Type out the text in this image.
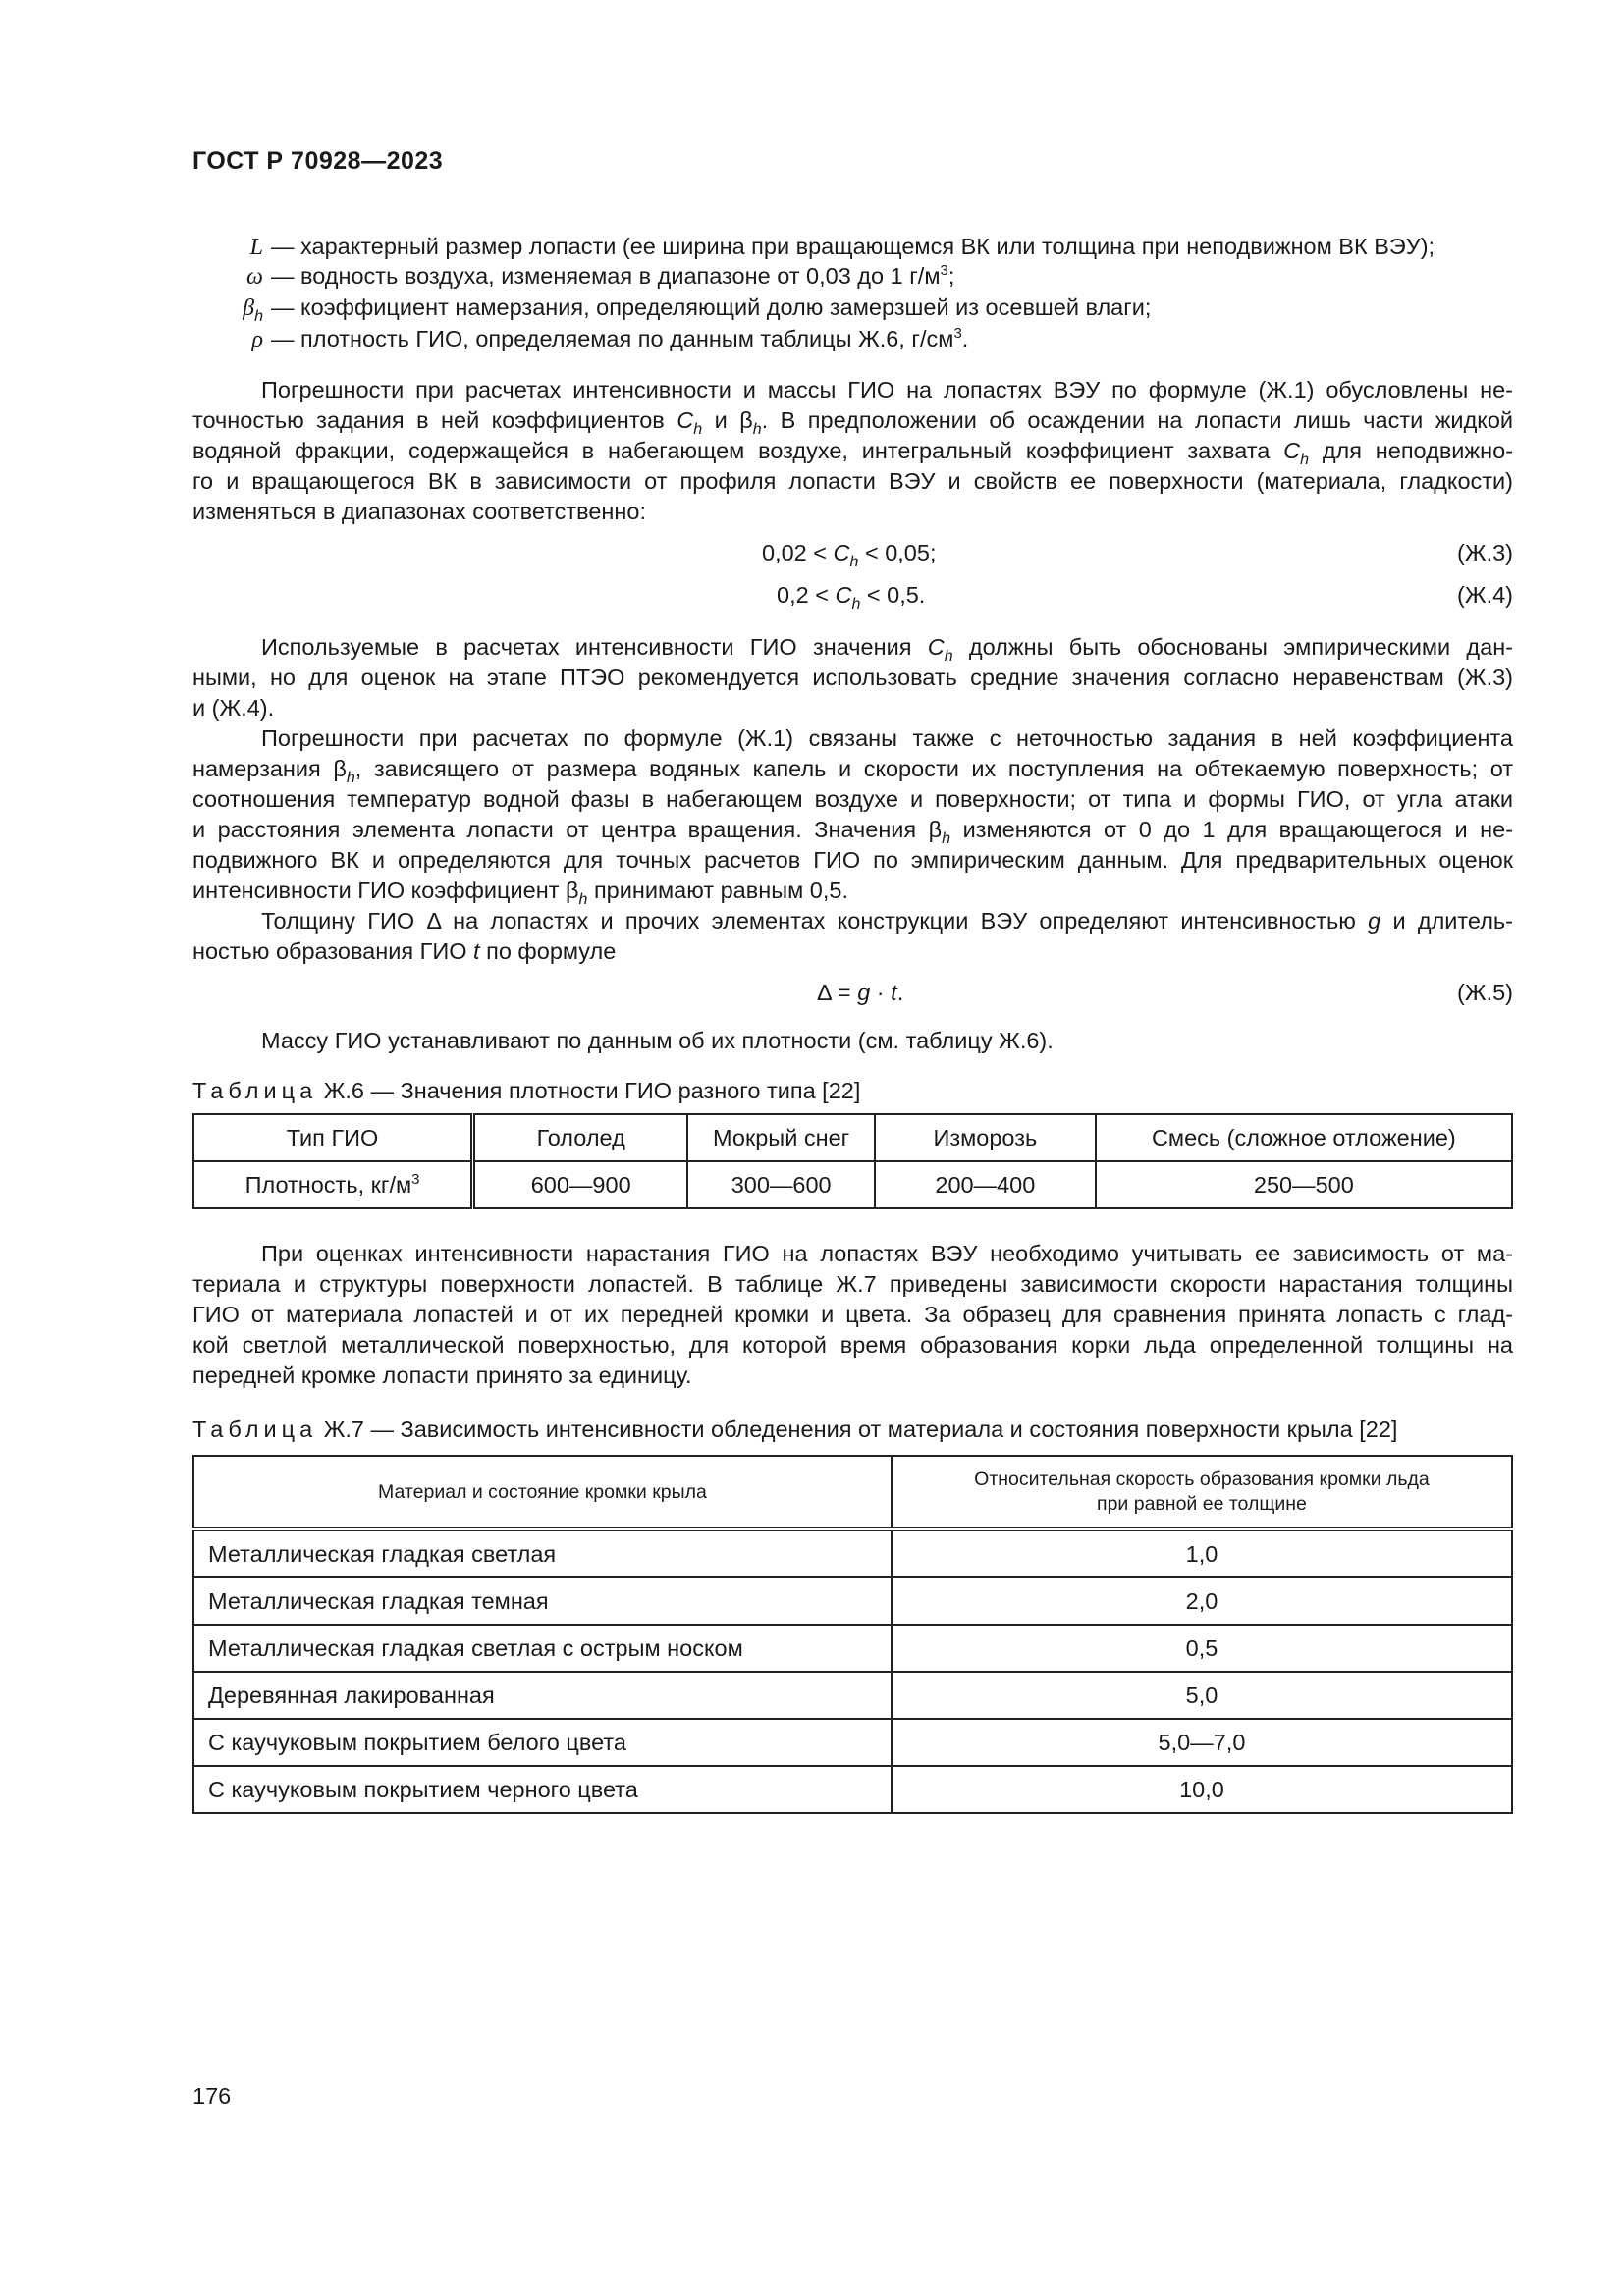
ГОСТ Р 70928—2023
L — характерный размер лопасти (ее ширина при вращающемся ВК или толщина при неподвижном ВК ВЭУ);
ω — водность воздуха, изменяемая в диапазоне от 0,03 до 1 $г/м^3$;
$\beta_h$ — коэффициент намерзания, определяющий долю замерзшей из осевшей влаги;
ρ — плотность ГИО, определяемая по данным таблицы Ж.6, $г/см^3$.
Погрешности при расчетах интенсивности и массы ГИО на лопастях ВЭУ по формуле (Ж.1) обусловлены не-
точностью задания в ней коэффициентов $C_h$ и $\beta_h$. В предположении об осаждении на лопасти лишь части жидкой
водяной фракции, содержащейся в набегающем воздухе, интегральный коэффициент захвата $C_h$ для неподвижно-
го и вращающегося ВК в зависимости от профиля лопасти ВЭУ и свойств ее поверхности (материала, гладкости)
изменяться в диапазонах соответственно:
$0,02 < C_h < 0,05$;	(Ж.3)
$0,2 < C_h < 0,5$.	(Ж.4)
Используемые в расчетах интенсивности ГИО значения $C_h$ должны быть обоснованы эмпирическими дан-
ными, но для оценок на этапе ПТЭО рекомендуется использовать средние значения согласно неравенствам (Ж.3)
и (Ж.4).
Погрешности при расчетах по формуле (Ж.1) связаны также с неточностью задания в ней коэффициента
намерзания $\beta_h$, зависящего от размера водяных капель и скорости их поступления на обтекаемую поверхность; от
соотношения температур водной фазы в набегающем воздухе и поверхности; от типа и формы ГИО, от угла атаки
и расстояния элемента лопасти от центра вращения. Значения $\beta_h$ изменяются от 0 до 1 для вращающегося и не-
подвижного ВК и определяются для точных расчетов ГИО по эмпирическим данным. Для предварительных оценок
интенсивности ГИО коэффициент $\beta_h$ принимают равным 0,5.
Толщину ГИО Δ на лопастях и прочих элементах конструкции ВЭУ определяют интенсивностью g и длитель-
ностью образования ГИО t по формуле
Δ = g · t.	(Ж.5)
Массу ГИО устанавливают по данным об их плотности (см. таблицу Ж.6).
Таблица Ж.6 — Значения плотности ГИО разного типа [22]
Тип ГИО	Гололед	Мокрый снег	Изморозь	Смесь (сложное отложение)
Плотность, $кг/м^3$	600—900	300—600	200—400	250—500
При оценках интенсивности нарастания ГИО на лопастях ВЭУ необходимо учитывать ее зависимость от ма-
териала и структуры поверхности лопастей. В таблице Ж.7 приведены зависимости скорости нарастания толщины
ГИО от материала лопастей и от их передней кромки и цвета. За образец для сравнения принята лопасть с глад-
кой светлой металлической поверхностью, для которой время образования корки льда определенной толщины на
передней кромке лопасти принято за единицу.
Таблица Ж.7 — Зависимость интенсивности обледенения от материала и состояния поверхности крыла [22]
Материал и состояние кромки крыла	Относительная скорость образования кромки льда
при равной ее толщине
Металлическая гладкая светлая	1,0
Металлическая гладкая темная	2,0
Металлическая гладкая светлая с острым носком	0,5
Деревянная лакированная	5,0
С каучуковым покрытием белого цвета	5,0—7,0
С каучуковым покрытием черного цвета	10,0
176
